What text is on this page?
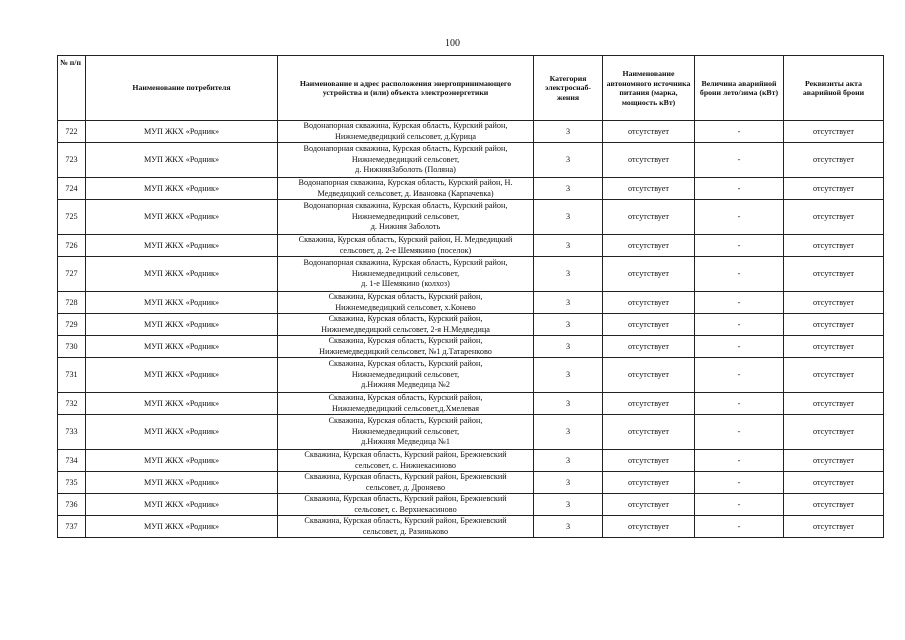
100
№ п/п	Наименование потребителя	Наименование и адрес расположения энергопринимающего устройства и (или) объекта электроэнергетики	Категория электроснаб-жения	Наименование автономного источника питания (марка, мощность кВт)	Величина аварийной брони лето/зима (кВт)	Реквизиты акта аварийной брони
722	МУП ЖКХ «Родник»	Водонапорная скважина, Курская область, Курский район,
Нижнемедведицкий сельсовет, д.Курица	3	отсутствует	-	отсутствует
723	МУП ЖКХ «Родник»	Водонапорная скважина, Курская область, Курский район,
Нижнемедведицкий сельсовет,
д. НижняяЗаболоть (Поляна)	3	отсутствует	-	отсутствует
724	МУП ЖКХ «Родник»	Водонапорная скважина, Курская область, Курский район, Н.
Медведицкий сельсовет, д. Ивановка (Карпачевка)	3	отсутствует	-	отсутствует
725	МУП ЖКХ «Родник»	Водонапорная скважина, Курская область, Курский район,
Нижнемедведицкий сельсовет,
д. Нижняя Заболоть	3	отсутствует	-	отсутствует
726	МУП ЖКХ «Родник»	Скважина, Курская область, Курский район, Н. Медведицкий
сельсовет, д. 2-е Шемякино (поселок)	3	отсутствует	-	отсутствует
727	МУП ЖКХ «Родник»	Водонапорная скважина, Курская область, Курский район,
Нижнемедведицкий сельсовет,
д. 1-е Шемякино (колхоз)	3	отсутствует	-	отсутствует
728	МУП ЖКХ «Родник»	Скважина, Курская область, Курский район,
Нижнемедведицкий сельсовет, х.Конево	3	отсутствует	-	отсутствует
729	МУП ЖКХ «Родник»	Скважина, Курская область, Курский район,
Нижнемедведицкий сельсовет, 2-я Н.Медведица	3	отсутствует	-	отсутствует
730	МУП ЖКХ «Родник»	Скважина, Курская область, Курский район,
Нижнемедведицкий сельсовет, №1 д.Татаренково	3	отсутствует	-	отсутствует
731	МУП ЖКХ «Родник»	Скважина, Курская область, Курский район,
Нижнемедведицкий сельсовет,
д.Нижняя Медведица №2	3	отсутствует	-	отсутствует
732	МУП ЖКХ «Родник»	Скважина, Курская область, Курский район,
Нижнемедведицкий сельсовет,д.Хмелевая	3	отсутствует	-	отсутствует
733	МУП ЖКХ «Родник»	Скважина, Курская область, Курский район,
Нижнемедведицкий сельсовет,
д.Нижняя Медведица №1	3	отсутствует	-	отсутствует
734	МУП ЖКХ «Родник»	Скважина, Курская область, Курский район, Брежневский
сельсовет, с. Нижнекасиново	3	отсутствует	-	отсутствует
735	МУП ЖКХ «Родник»	Скважина, Курская область, Курский район, Брежневский
сельсовет, д. Дроняево	3	отсутствует	-	отсутствует
736	МУП ЖКХ «Родник»	Скважина, Курская область, Курский район, Брежневский
сельсовет, с. Верхнекасиново	3	отсутствует	-	отсутствует
737	МУП ЖКХ «Родник»	Скважина, Курская область, Курский район, Брежневский
сельсовет, д. Разиньково	3	отсутствует	-	отсутствует
